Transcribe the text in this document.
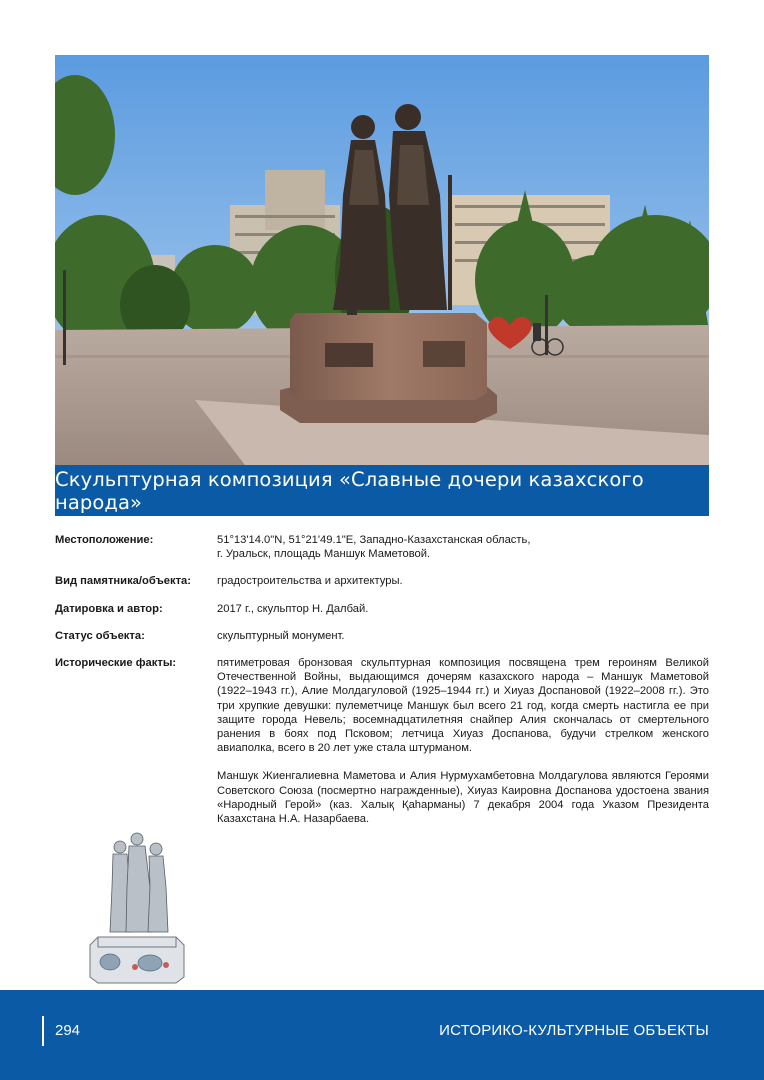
Скульптурная композиция «Славные дочери казахского народа»
Местоположение:	51°13'14.0"N, 51°21'49.1"E, Западно-Казахстанская область,
г. Уральск, площадь Маншук Маметовой.
Вид памятника/объекта:	градостроительства и архитектуры.
Датировка и автор:	2017 г., скульптор Н. Далбай.
Статус объекта:	скульптурный монумент.
Исторические факты:	пятиметровая бронзовая скульптурная композиция посвящена трем героиням Великой Отечественной Войны, выдающимся дочерям казахского народа – Маншук Маметовой (1922–1943 гг.), Алие Молдагуловой (1925–1944 гг.) и Хиуаз Доспановой (1922–2008 гг.). Это три хрупкие девушки: пулеметчице Маншук был всего 21 год, когда смерть настигла ее при защите города Невель; восемнадцатилетняя снайпер Алия скончалась от смертельного ранения в боях под Псковом; летчица Хиуаз Доспанова, будучи стрелком женского авиаполка, всего в 20 лет уже стала штурманом.

Маншук Жиенгалиевна Маметова и Алия Нурмухамбетовна Молдагулова являются Героями Советского Союза (посмертно награжденные), Хиуаз Каировна Доспанова удостоена звания «Народный Герой» (каз. Халық Қаһарманы) 7 декабря 2004 года Указом Президента Казахстана Н.А. Назарбаева.

294	ИСТОРИКО-КУЛЬТУРНЫЕ ОБЪЕКТЫ
